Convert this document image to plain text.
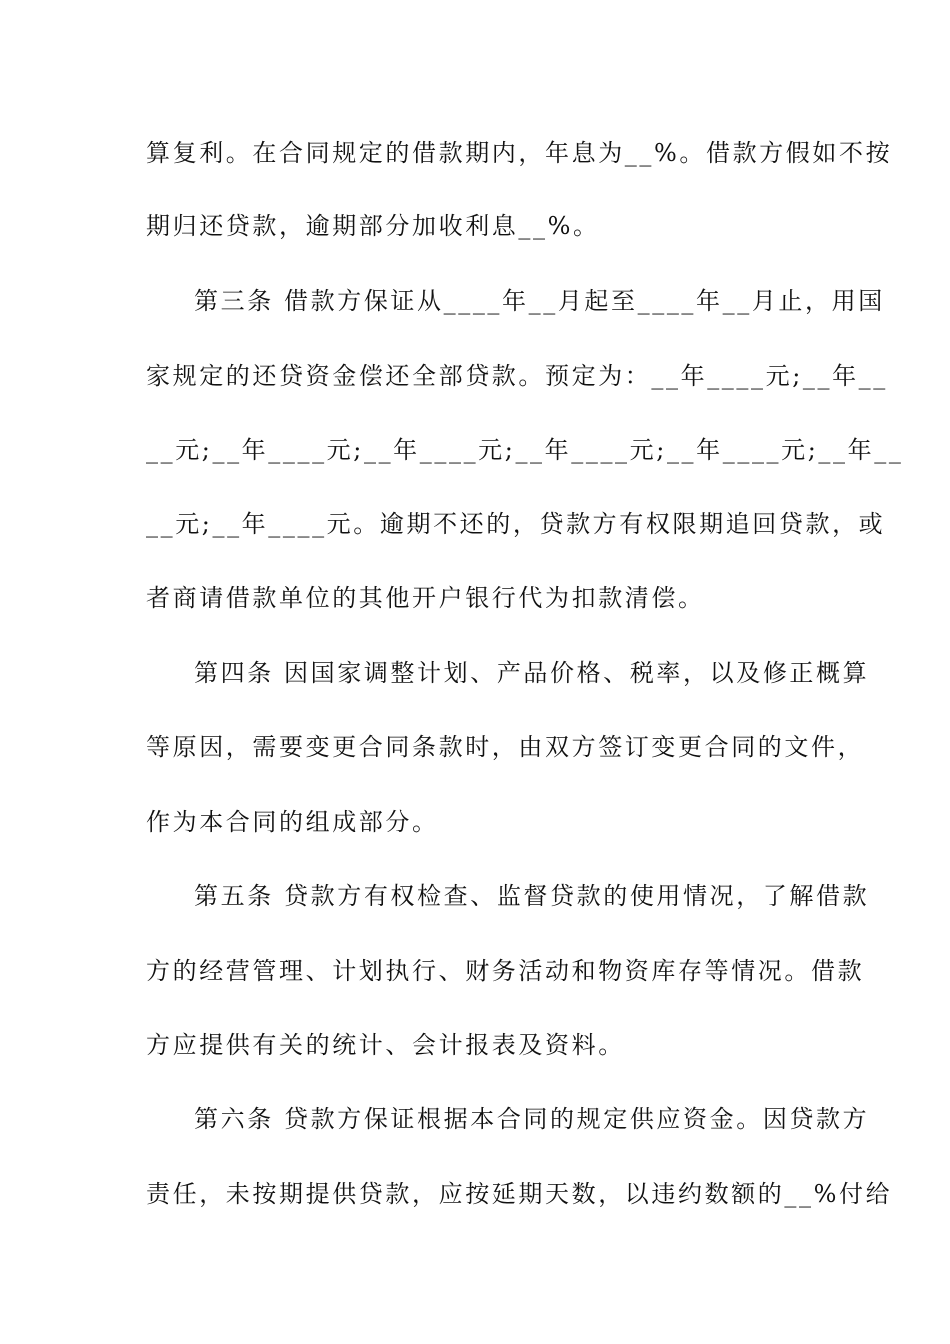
算复利。在合同规定的借款期内，年息为__%。借款方假如不按
期归还贷款，逾期部分加收利息__%。
第三条 借款方保证从____年__月起至____年__月止，用国
家规定的还贷资金偿还全部贷款。预定为：__年____元;__年__
__元;__年____元;__年____元;__年____元;__年____元;__年__
__元;__年____元。逾期不还的，贷款方有权限期追回贷款，或
者商请借款单位的其他开户银行代为扣款清偿。
第四条 因国家调整计划、产品价格、税率，以及修正概算
等原因，需要变更合同条款时，由双方签订变更合同的文件，
作为本合同的组成部分。
第五条 贷款方有权检查、监督贷款的使用情况，了解借款
方的经营管理、计划执行、财务活动和物资库存等情况。借款
方应提供有关的统计、会计报表及资料。
第六条 贷款方保证根据本合同的规定供应资金。因贷款方
责任，未按期提供贷款，应按延期天数，以违约数额的__%付给
